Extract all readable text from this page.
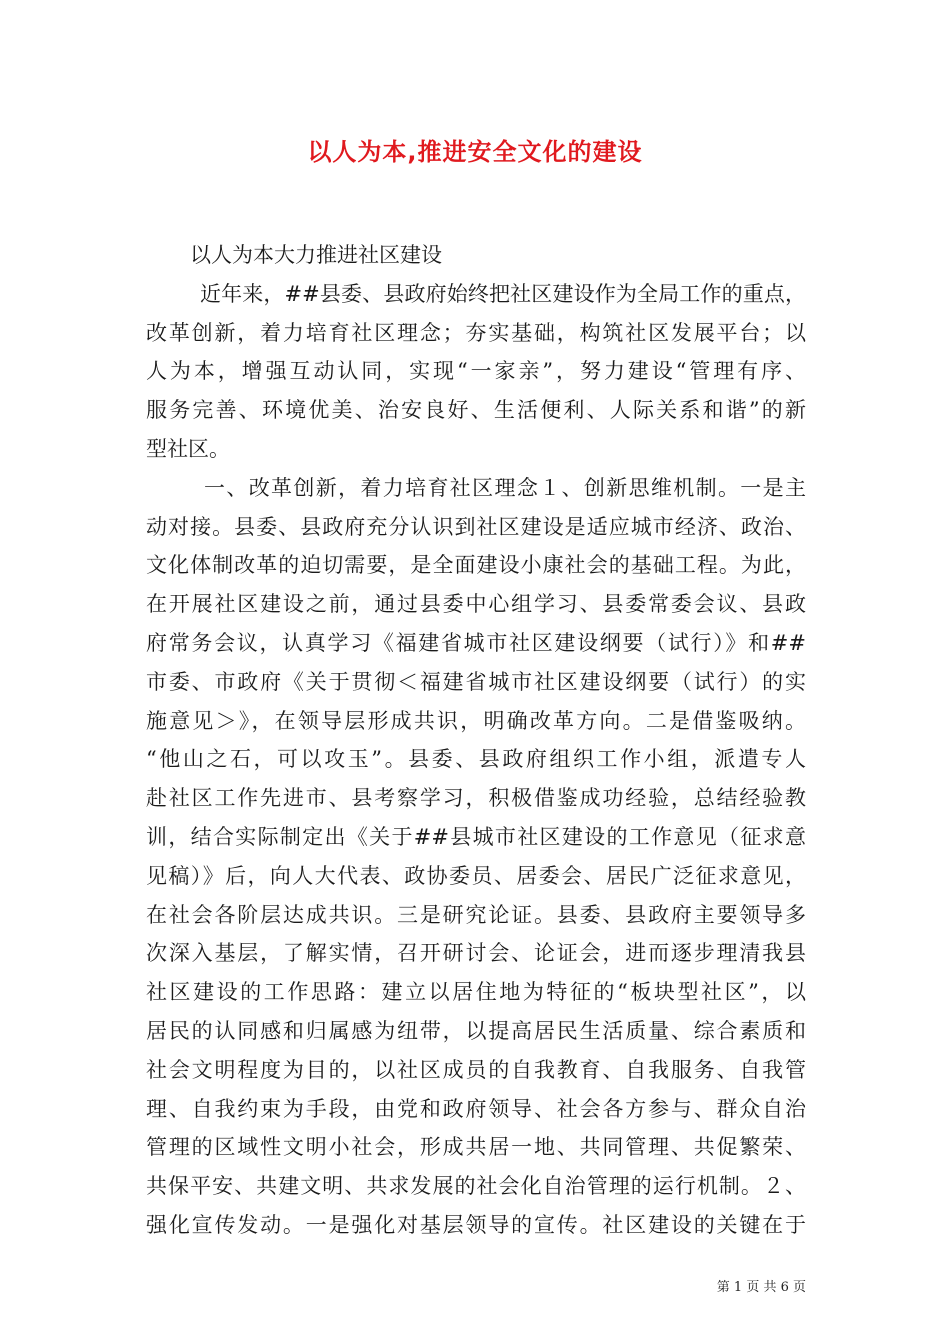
以人为本,推进安全文化的建设
以人为本大力推进社区建设
近年来，##县委、县政府始终把社区建设作为全局工作的重点，
改革创新，着力培育社区理念；夯实基础，构筑社区发展平台；以
人为本，增强互动认同，实现“一家亲”，努力建设“管理有序、
服务完善、环境优美、治安良好、生活便利、人际关系和谐”的新
型社区。
一、改革创新，着力培育社区理念１、创新思维机制。一是主
动对接。县委、县政府充分认识到社区建设是适应城市经济、政治、
文化体制改革的迫切需要，是全面建设小康社会的基础工程。为此，
在开展社区建设之前，通过县委中心组学习、县委常委会议、县政
府常务会议，认真学习《福建省城市社区建设纲要（试行）》和##
市委、市政府《关于贯彻＜福建省城市社区建设纲要（试行）的实
施意见＞》，在领导层形成共识，明确改革方向。二是借鉴吸纳。
“他山之石，可以攻玉”。县委、县政府组织工作小组，派遣专人
赴社区工作先进市、县考察学习，积极借鉴成功经验，总结经验教
训，结合实际制定出《关于##县城市社区建设的工作意见（征求意
见稿）》后，向人大代表、政协委员、居委会、居民广泛征求意见，
在社会各阶层达成共识。三是研究论证。县委、县政府主要领导多
次深入基层，了解实情，召开研讨会、论证会，进而逐步理清我县
社区建设的工作思路：建立以居住地为特征的“板块型社区”，以
居民的认同感和归属感为纽带，以提高居民生活质量、综合素质和
社会文明程度为目的，以社区成员的自我教育、自我服务、自我管
理、自我约束为手段，由党和政府领导、社会各方参与、群众自治
管理的区域性文明小社会，形成共居一地、共同管理、共促繁荣、
共保平安、共建文明、共求发展的社会化自治管理的运行机制。２、
强化宣传发动。一是强化对基层领导的宣传。社区建设的关键在于
第 1 页 共 6 页
